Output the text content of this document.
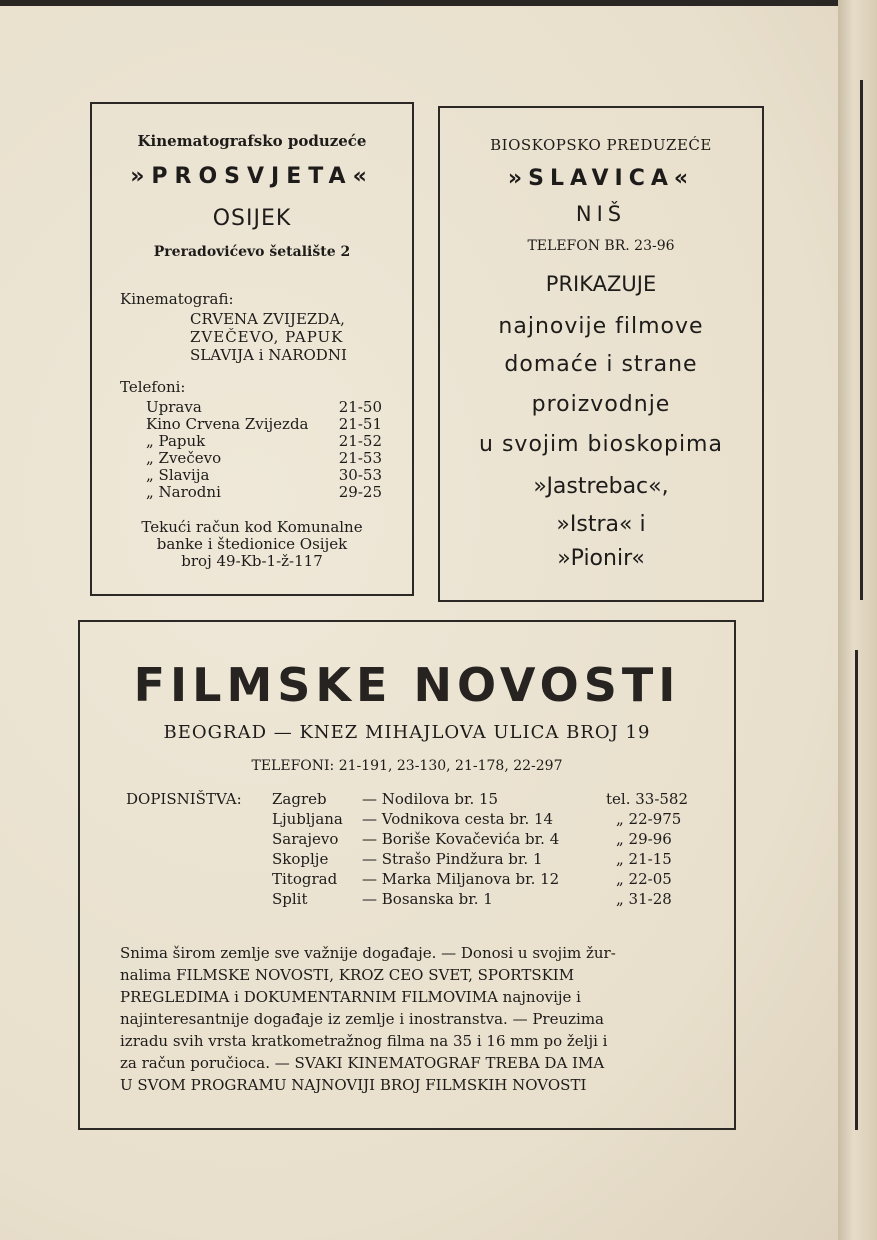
Kinematografsko poduzeće
»PROSVJETA«
OSIJEK
Preradovićevo šetalište 2
Kinematografi:
CRVENA ZVIJEZDA,
ZVEČEVO, PAPUK
SLAVIJA i NARODNI
Telefoni:
Uprava	21-50
Kino Crvena Zvijezda 21-51
„ Papuk	21-52
„ Zvečevo	21-53
„ Slavija	30-53
„ Narodni	29-25
Tekući račun kod Komunalne
banke i štedionice Osijek
broj 49-Kb-1-ž-117
BIOSKOPSKO PREDUZEĆE
»SLAVICA«
NIŠ
TELEFON BR. 23-96
PRIKAZUJE
najnovije filmove
domaće i strane
proizvodnje
u svojim bioskopima
»Jastrebac«,
»Istra« i
»Pionir«
FILMSKE NOVOSTI
BEOGRAD — KNEZ MIHAJLOVA ULICA BROJ 19
TELEFONI: 21-191, 23-130, 21-178, 22-297
DOPISNIŠTVA: Zagreb — Nodilova br. 15	tel. 33-582
Ljubljana — Vodnikova cesta br. 14	„ 22-975
Sarajevo — Boriše Kovačevića br. 4	„ 29-96
Skoplje — Strašo Pindžura br. 1	„ 21-15
Titograd — Marka Miljanova br. 12	„ 22-05
Split	— Bosanska br. 1	„ 31-28
Snima širom zemlje sve važnije događaje. — Donosi u svojim žur-
nalima FILMSKE NOVOSTI, KROZ CEO SVET, SPORTSKIM
PREGLEDIMA i DOKUMENTARNIM FILMOVIMA najnovije i
najinteresantnije događaje iz zemlje i inostranstva. — Preuzima
izradu svih vrsta kratkometražnog filma na 35 i 16 mm po želji i
za račun poručioca. — SVAKI KINEMATOGRAF TREBA DA IMA
U SVOM PROGRAMU NAJNOVIJI BROJ FILMSKIH NOVOSTI
